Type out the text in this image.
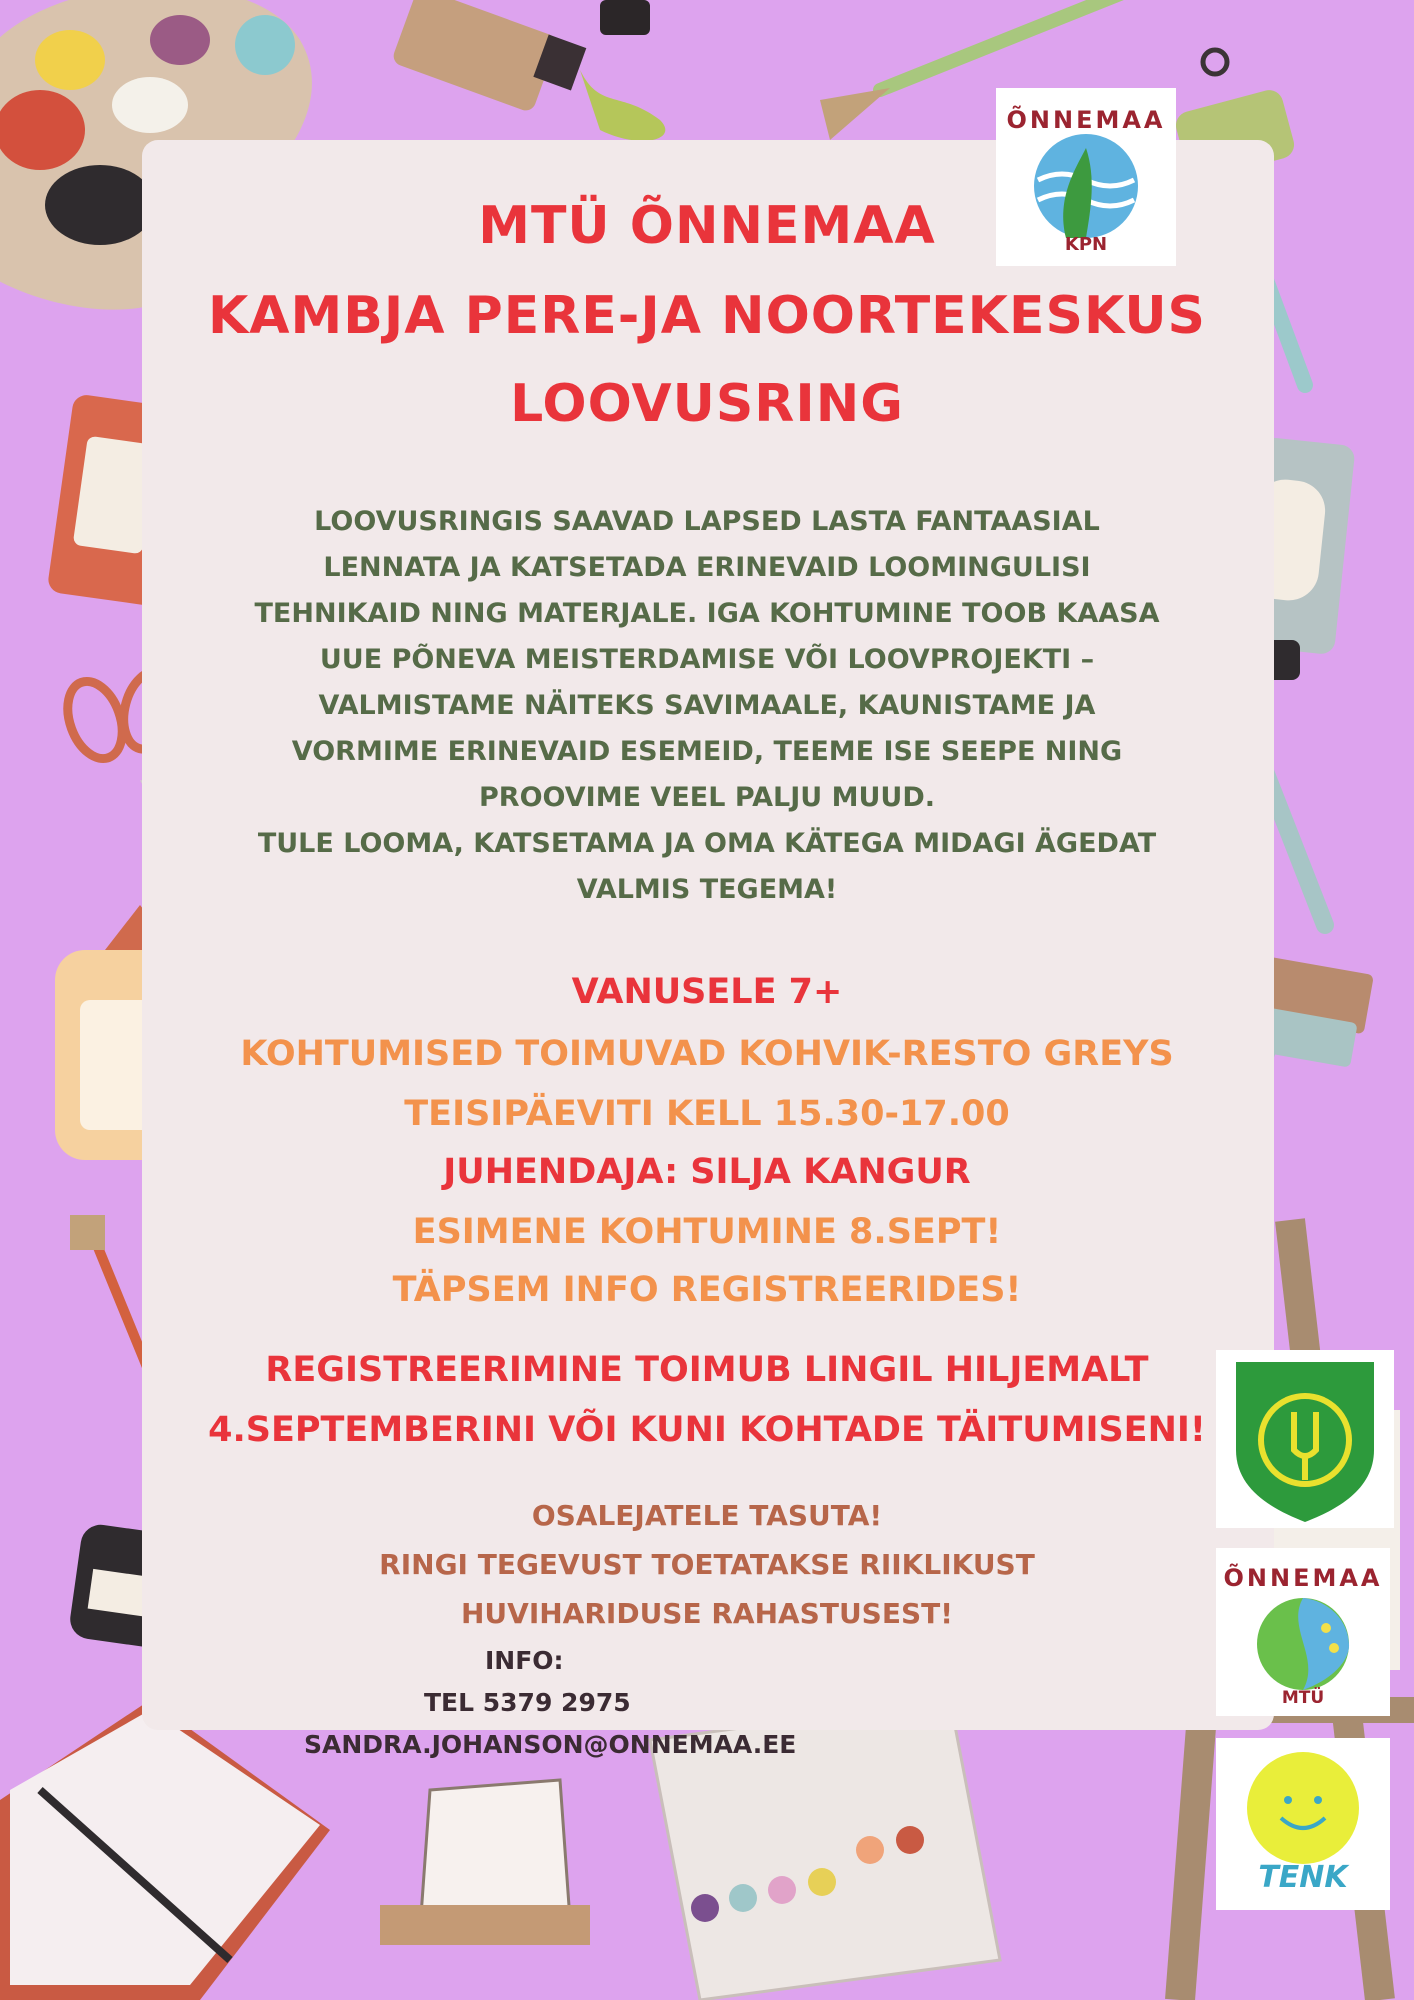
MTÜ ÕNNEMAA
KAMBJA PERE-JA NOORTEKESKUS
LOOVUSRING
LOOVUSRINGIS SAAVAD LAPSED LASTA FANTAASIAL
LENNATA JA KATSETADA ERINEVAID LOOMINGULISI
TEHNIKAID NING MATERJALE. IGA KOHTUMINE TOOB KAASA
UUE PÕNEVA MEISTERDAMISE VÕI LOOVPROJEKTI –
VALMISTAME NÄITEKS SAVIMAALE, KAUNISTAME JA
VORMIME ERINEVAID ESEMEID, TEEME ISE SEEPE NING
PROOVIME VEEL PALJU MUUD.
TULE LOOMA, KATSETAMA JA OMA KÄTEGA MIDAGI ÄGEDAT
VALMIS TEGEMA!
VANUSELE 7+
KOHTUMISED TOIMUVAD KOHVIK-RESTO GREYS
TEISIPÄEVITI KELL 15.30-17.00
JUHENDAJA: SILJA KANGUR
ESIMENE KOHTUMINE 8.SEPT!
TÄPSEM INFO REGISTREERIDES!
REGISTREERIMINE TOIMUB LINGIL HILJEMALT
4.SEPTEMBERINI VÕI KUNI KOHTADE TÄITUMISENI!
OSALEJATELE TASUTA!
RINGI TEGEVUST TOETATAKSE RIIKLIKUST
HUVIHARIDUSE RAHASTUSEST!
INFO:
TEL 5379 2975
SANDRA.JOHANSON@ONNEMAA.EE
ÕNNEMAA
KPN
ÕNNEMAA
MTÜ
TENK
